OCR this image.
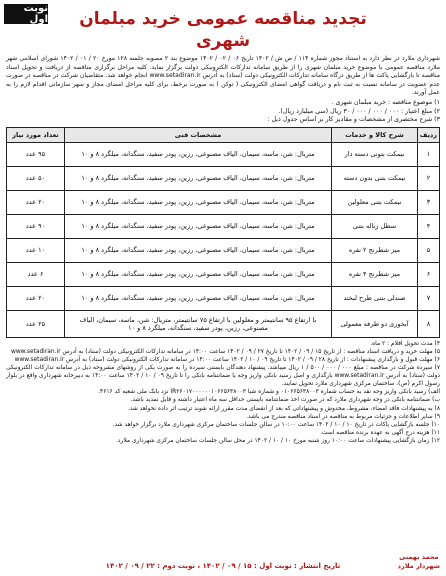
نوبت اول	تجدید مناقصه عمومی خرید مبلمان شهری

شهرداری ملارد در نظر دارد به استناد مجوز شماره ۱۱۴ / ص ش / ۱۴۰۲ تاریخ ۰۶ / ۰۲ / ۱۴۰۲ موضوع بند ۲ مصوبه جلسه ۱۲۸ مورخ ۲۰ / ۰۱ / ۱۴۰۲ شورای اسلامی شهر ملارد مناقصه عمومی با موضوع خرید مبلمان شهری را از طریق سامانه تدارکات الکترونیکی دولت برگزار نماید. کلیه مراحل برگزاری مناقصه از دریافت و تحویل اسناد مناقصه تا بازگشایی پاکت ها از طریق درگاه سامانه تدارکات الکترونیکی دولت (ستاد) به آدرس www.setadiran.ir انجام خواهد شد. متقاضیان شرکت در مناقصه در صورت عدم عضویت در سامانه نسبت به ثبت نام و دریافت گواهی امضای الکترونیکی ( توکن ) به صورت برخط، برای کلیه مراحل امضای مجاز و سهر سازمانی اقدام لازم را به عمل آورند.

۱) موضوع مناقصه : خرید مبلمان شهری .
۲) مبلغ اعتبار : ۰۰۰ / ۰۰۰ / ۰۰۰ / ۳۰ ریال (سی میلیارد ریال).
۳) شرح مختصری از مشخصات و مقادیر کار بر اساس جدول ذیل :
ردیف	شرح کالا و خدمات	مشخصات فنی	تعداد مورد نیاز
۱	نیمکت بتونی دسته دار	متریال: شن، ماسه، سیمان، الیاف مصنوعی، رزین، پودر سفید، سنگدانه، میلگرد ۸ و ۱۰	۹۵ عدد
۲	نیمکت بتنی بدون دسته	متریال: شن، ماسه، سیمان، الیاف مصنوعی، رزین، پودر سفید، سنگدانه، میلگرد ۸ و ۱۰	۵۰ عدد
۳	نیمکت بتنی معلولین	متریال: شن، ماسه، سیمان، الیاف مصنوعی، رزین، پودر سفید، سنگدانه، میلگرد ۸ و ۱۰	۲۰ عدد
۴	سطل زباله بتنی	متریال: شن، ماسه، سیمان، الیاف مصنوعی، رزین، پودر سفید، سنگدانه، میلگرد ۸ و ۱۰	۹۰ عدد
۵	میز شطرنج ۲ نفره	متریال: شن، ماسه، سیمان، الیاف مصنوعی، رزین، پودر سفید، سنگدانه، میلگرد ۸ و ۱۰	۱۰ عدد
۶	میز شطرنج ۴ نفره	متریال: شن، ماسه، سیمان، الیاف مصنوعی، رزین، پودر سفید، سنگدانه، میلگرد ۸ و ۱۰	۶ عدد
۷	صندلی بتنی طرح لبخند	متریال: شن، ماسه، سیمان، الیاف مصنوعی، رزین، پودر سفید، سنگدانه، میلگرد ۸ و ۱۰	۲۰ عدد
۸	آبخوری دو طرفه معمولی	با ارتفاع ۹۵ سانتیمتر و معلولین با ارتفاع ۷۵ سانتیمتر، متریال: شن، ماسه، سیمان، الیاف مصنوعی، رزین، پودر سفید، سنگدانه، میلگرد ۸ و ۱۰	۲۵ عدد

۴) مدت تحویل اقلام : ۲ ماه.

۵) مهلت خرید و دریافت اسناد مناقصه : از تاریخ ۱۵ / ۰۹ / ۱۴۰۲ تا تاریخ ۲۷ / ۰۹ / ۱۴۰۲ ساعت ۱۴:۰۰ در سامانه تدارکات الکترونیکی دولت (ستاد) به آدرس www.setadiran.ir

۶) مهلت قبول و بارگذاری پیشنهادات : از تاریخ ۲۸ / ۰۹ / ۱۴۰۲ تا تاریخ ۰۹ / ۱۰ / ۱۴۰۲ ساعت ۱۴:۰۰ در سامانه تدارکات الکترونیکی دولت (ستاد) به آدرس www.setadiran.ir

۷) سپرده شرکت در مناقصه : مبلغ ۰۰۰ / ۰۰۰ / ۵۰۰ / ۱ ریال میباشد. پیشنهاد دهندگان بایستی سپرده را به صورت یکی از روشهای مشروحه ذیل در سامانه تدارکات الکترونیکی دولت (ستاد) به آدرس www.setadiran.ir بارگذاری و اصل رسید بانکی واریز وجه یا ضمانتنامه بانکی را تا تاریخ ۰۹ / ۱۰ / ۱۴۰۲ ساعت ۱۴:۰۰ به دبیرخانه شهرداری واقع در بلوار رسول اکرم (ص)، ساختمان مرکزی شهرداری ملارد تحویل نمایند.

الف) رسید بانکی واریز وجه نقد به حساب شماره ۰۱۰۶۶۵۶۳۸۰۰۳ و شماره شبا IR۲۶۰۱۷۰۰۰۰۰۰۱۰۶۶۵۶۳۸۰۰۳ نزد بانک ملی شعبه کد ۴۶۱۶.

ب) ضمانتنامه بانکی در وجه شهرداری ملارد که در صورت اخذ ضمانتنامه بایستی حداقل سه ماه اعتبار داشته و قابل تمدید باشد.

۸) به پیشنهادات فاقد امضاء، مشروط، مخدوش و پیشنهاداتی که بعد از انقضای مدت مقرر ارائه شوند ترتیب اثر داده نخواهد شد.

۹) سایر اطلاعات و جزئیات مربوط به مناقصه در اسناد مناقصه مندرج می باشد.

۱۰) جلسه بازگشایی پاکات در تاریخ ۱۰ / ۱۰ / ۱۴۰۲ ساعت ۱۰:۰۰ در سالن جلسات ساختمان مرکزی شهرداری ملارد برگزار خواهد شد.

۱۱) هزینه درج آگهی به عهده برنده مناقصه است.

۱۲) زمان بازگشایی پیشنهادات ساعت ۱۰:۰۰ روز شنبه مورخ ۱۰ / ۱۰ / ۱۴۰۲ در محل سالن جلسات ساختمان مرکزی شهرداری ملارد.

محمد بهمنی
شهردار ملارد
تاریخ انتشار : نوبت اول : ۱۵ / ۰۹ / ۱۴۰۲ ، نوبت دوم : ۲۲ / ۰۹ / ۱۴۰۲
